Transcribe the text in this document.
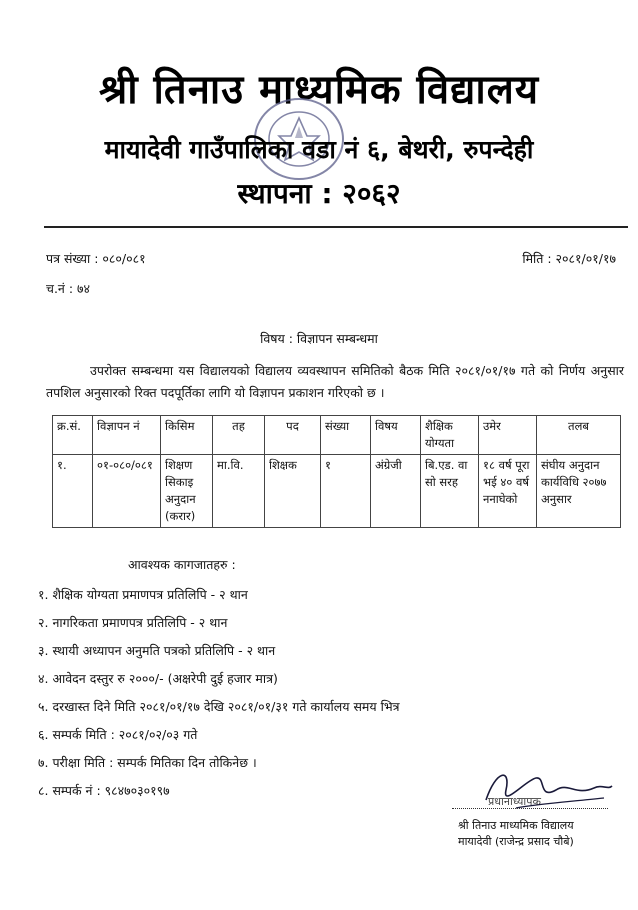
श्री तिनाउ माध्यमिक विद्यालय
मायादेवी गाउँपालिका वडा नं ६, बेथरी, रुपन्देही
स्थापना : २०६२
पत्र संख्या : ०८०/०८१	मिति : २०८१/०१/१७
च.नं : ७४
विषय : विज्ञापन सम्बन्धमा
उपरोक्त सम्बन्धमा यस विद्यालयको विद्यालय व्यवस्थापन समितिको बैठक मिति २०८१/०१/१७ गते को निर्णय अनुसार तपशिल अनुसारको रिक्त पदपूर्तिका लागि यो विज्ञापन प्रकाशन गरिएको छ ।
क्र.सं.	विज्ञापन नं	किसिम	तह	पद	संख्या	विषय	शैक्षिक योग्यता	उमेर	तलब
१.	०१-०८०/०८१	शिक्षण सिकाइ अनुदान (करार)	मा.वि.	शिक्षक	१	अंग्रेजी	बि.एड. वा सो सरह	१८ वर्ष पूरा भई ४० वर्ष ननाघेको	संघीय अनुदान कार्यविधि २०७७ अनुसार
आवश्यक कागजातहरु :
१. शैक्षिक योग्यता प्रमाणपत्र प्रतिलिपि - २ थान
२. नागरिकता प्रमाणपत्र प्रतिलिपि - २ थान
३. स्थायी अध्यापन अनुमति पत्रको प्रतिलिपि - २ थान
४. आवेदन दस्तुर रु २०००/- (अक्षरेपी दुई हजार मात्र)
५. दरखास्त दिने मिति २०८१/०१/१७ देखि २०८१/०१/३१ गते कार्यालय समय भित्र
६. सम्पर्क मिति : २०८१/०२/०३ गते
७. परीक्षा मिति : सम्पर्क मितिका दिन तोकिनेछ ।
८. सम्पर्क नं : ९८४७०३०१९७
प्रधानाध्यापक
श्री तिनाउ माध्यमिक विद्यालय
मायादेवी (राजेन्द्र प्रसाद चौबे)
